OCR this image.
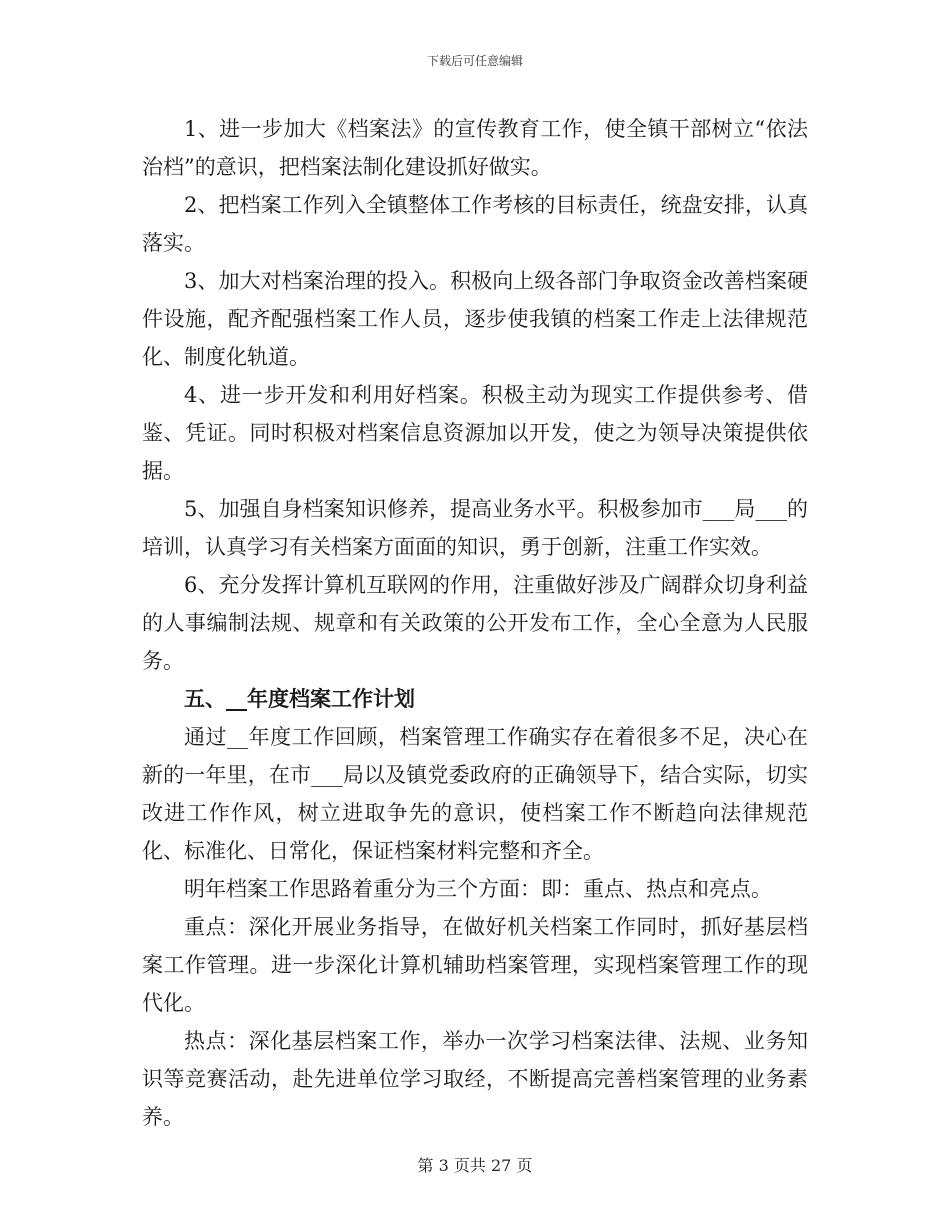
下载后可任意编辑

1、进一步加大《档案法》的宣传教育工作，使全镇干部树立“依法治档”的意识，把档案法制化建设抓好做实。

2、把档案工作列入全镇整体工作考核的目标责任，统盘安排，认真落实。

3、加大对档案治理的投入。积极向上级各部门争取资金改善档案硬件设施，配齐配强档案工作人员，逐步使我镇的档案工作走上法律规范化、制度化轨道。

4、进一步开发和利用好档案。积极主动为现实工作提供参考、借鉴、凭证。同时积极对档案信息资源加以开发，使之为领导决策提供依据。

5、加强自身档案知识修养，提高业务水平。积极参加市___局___的培训，认真学习有关档案方面面的知识，勇于创新，注重工作实效。

6、充分发挥计算机互联网的作用，注重做好涉及广阔群众切身利益的人事编制法规、规章和有关政策的公开发布工作，全心全意为人民服务。

五、__年度档案工作计划

通过__年度工作回顾，档案管理工作确实存在着很多不足，决心在新的一年里，在市___局以及镇党委政府的正确领导下，结合实际，切实改进工作作风，树立进取争先的意识，使档案工作不断趋向法律规范化、标准化、日常化，保证档案材料完整和齐全。

明年档案工作思路着重分为三个方面：即：重点、热点和亮点。

重点：深化开展业务指导，在做好机关档案工作同时，抓好基层档案工作管理。进一步深化计算机辅助档案管理，实现档案管理工作的现代化。

热点：深化基层档案工作，举办一次学习档案法律、法规、业务知识等竞赛活动，赴先进单位学习取经，不断提高完善档案管理的业务素养。

第 3 页共 27 页
